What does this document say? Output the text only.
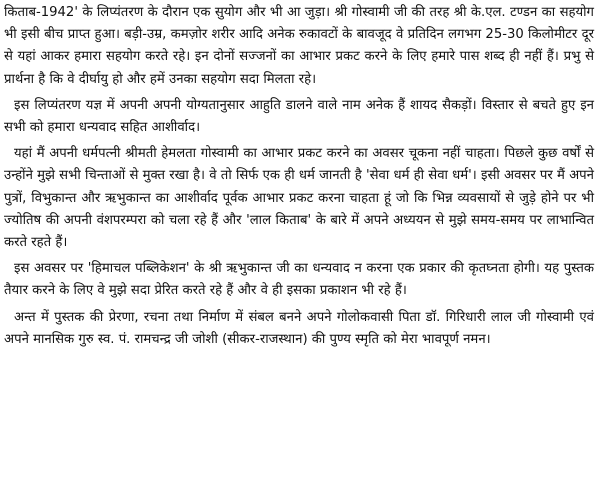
किताब-1942' के लिप्यंतरण के दौरान एक सुयोग और भी आ जुड़ा। श्री गोस्वामी जी की तरह श्री के.एल. टण्डन का सहयोग भी इसी बीच प्राप्त हुआ। बड़ी-उम्र, कमज़ोर शरीर आदि अनेक रुकावटों के बावजूद वे प्रतिदिन लगभग 25-30 किलोमीटर दूर से यहां आकर हमारा सहयोग करते रहे। इन दोनों सज्जनों का आभार प्रकट करने के लिए हमारे पास शब्द ही नहीं हैं। प्रभु से प्रार्थना है कि वे दीर्घायु हो और हमें उनका सहयोग सदा मिलता रहे।

इस लिप्यंतरण यज्ञ में अपनी अपनी योग्यतानुसार आहुति डालने वाले नाम अनेक हैं शायद सैकड़ों। विस्तार से बचते हुए इन सभी को हमारा धन्यवाद सहित आशीर्वाद।

यहां मैं अपनी धर्मपत्नी श्रीमती हेमलता गोस्वामी का आभार प्रकट करने का अवसर चूकना नहीं चाहता। पिछले कुछ वर्षों से उन्होंने मुझे सभी चिन्ताओं से मुक्त रखा है। वे तो सिर्फ एक ही धर्म जानती है 'सेवा धर्म ही सेवा धर्म'। इसी अवसर पर मैं अपने पुत्रों, विभुकान्त और ऋभुकान्त का आशीर्वाद पूर्वक आभार प्रकट करना चाहता हूं जो कि भिन्न व्यवसायों से जुड़े होने पर भी ज्योतिष की अपनी वंशपरम्परा को चला रहे हैं और 'लाल किताब' के बारे में अपने अध्ययन से मुझे समय-समय पर लाभान्वित करते रहते हैं।

इस अवसर पर 'हिमाचल पब्लिकेशन' के श्री ऋभुकान्त जी का धन्यवाद न करना एक प्रकार की कृतघ्नता होगी। यह पुस्तक तैयार करने के लिए वे मुझे सदा प्रेरित करते रहे हैं और वे ही इसका प्रकाशन भी रहे हैं।

अन्त में पुस्तक की प्रेरणा, रचना तथा निर्माण में संबल बनने अपने गोलोकवासी पिता डॉ. गिरिधारी लाल जी गोस्वामी एवं अपने मानसिक गुरु स्व. पं. रामचन्द्र जी जोशी (सीकर-राजस्थान) की पुण्य स्मृति को मेरा भावपूर्ण नमन।
